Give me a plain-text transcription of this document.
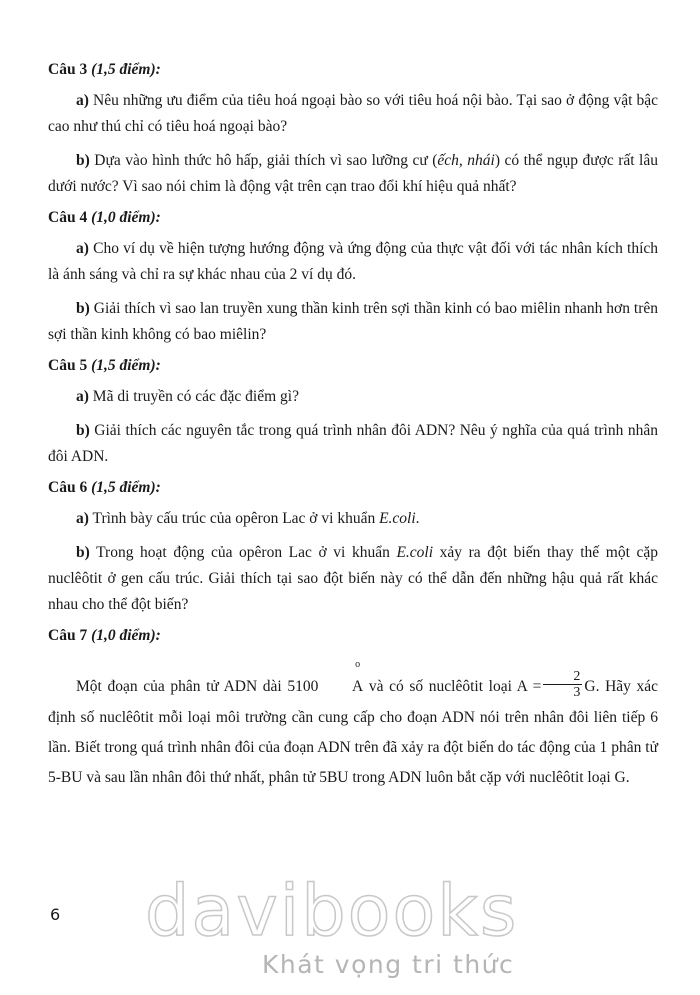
Câu 3 (1,5 điểm):

a) Nêu những ưu điểm của tiêu hoá ngoại bào so với tiêu hoá nội bào. Tại sao ở động vật bậc cao như thú chỉ có tiêu hoá ngoại bào?

b) Dựa vào hình thức hô hấp, giải thích vì sao lưỡng cư (ếch, nhái) có thể ngụp được rất lâu dưới nước? Vì sao nói chim là động vật trên cạn trao đổi khí hiệu quả nhất?

Câu 4 (1,0 điểm):

a) Cho ví dụ về hiện tượng hướng động và ứng động của thực vật đối với tác nhân kích thích là ánh sáng và chỉ ra sự khác nhau của 2 ví dụ đó.

b) Giải thích vì sao lan truyền xung thần kinh trên sợi thần kinh có bao miêlin nhanh hơn trên sợi thần kinh không có bao miêlin?

Câu 5 (1,5 điểm):

a) Mã di truyền có các đặc điểm gì?

b) Giải thích các nguyên tắc trong quá trình nhân đôi ADN? Nêu ý nghĩa của quá trình nhân đôi ADN.

Câu 6 (1,5 điểm):

a) Trình bày cấu trúc của opêron Lac ở vi khuẩn E.coli.

b) Trong hoạt động của opêron Lac ở vi khuẩn E.coli xảy ra đột biến thay thế một cặp nuclêôtit ở gen cấu trúc. Giải thích tại sao đột biến này có thể dẫn đến những hậu quả rất khác nhau cho thể đột biến?

Câu 7 (1,0 điểm):

Một đoạn của phân tử ADN dài 5100
o
A và có số nuclêôtit loại $A = \frac{2}{3} G$. Hãy xác định số nuclêôtit mỗi loại môi trường cần cung cấp cho đoạn ADN nói trên nhân đôi liên tiếp 6 lần. Biết trong quá trình nhân đôi của đoạn ADN trên đã xảy ra đột biến do tác động của 1 phân tử 5-BU và sau lần nhân đôi thứ nhất, phân tử 5BU trong ADN luôn bắt cặp với nuclêôtit loại G.

6 davibooks
Khát vọng tri thức
